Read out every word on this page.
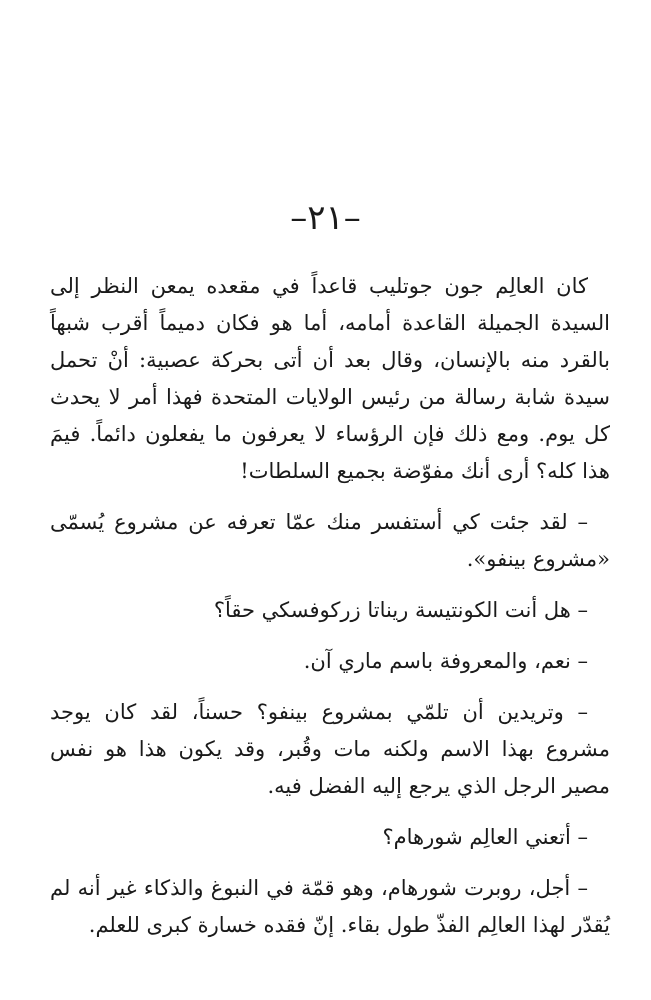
–٢١–

كان العالِم جون جوتليب قاعداً في مقعده يمعن النظر إلى السيدة الجميلة القاعدة أمامه، أما هو فكان دميماً أقرب شبهاً بالقرد منه بالإنسان، وقال بعد أن أتى بحركة عصبية: أنْ تحمل سيدة شابة رسالة من رئيس الولايات المتحدة فهذا أمر لا يحدث كل يوم. ومع ذلك فإن الرؤساء لا يعرفون ما يفعلون دائماً. فيمَ هذا كله؟ أرى أنك مفوّضة بجميع السلطات!

– لقد جئت كي أستفسر منك عمّا تعرفه عن مشروع يُسمّى «مشروع بينفو».

– هل أنت الكونتيسة ريناتا زركوفسكي حقاً؟

– نعم، والمعروفة باسم ماري آن.

– وتريدين أن تلمّي بمشروع بينفو؟ حسناً، لقد كان يوجد مشروع بهذا الاسم ولكنه مات وقُبر، وقد يكون هذا هو نفس مصير الرجل الذي يرجع إليه الفضل فيه.

– أتعني العالِم شورهام؟

– أجل، روبرت شورهام، وهو قمّة في النبوغ والذكاء غير أنه لم يُقدّر لهذا العالِم الفذّ طول بقاء. إنّ فقده خسارة كبرى للعلم.
